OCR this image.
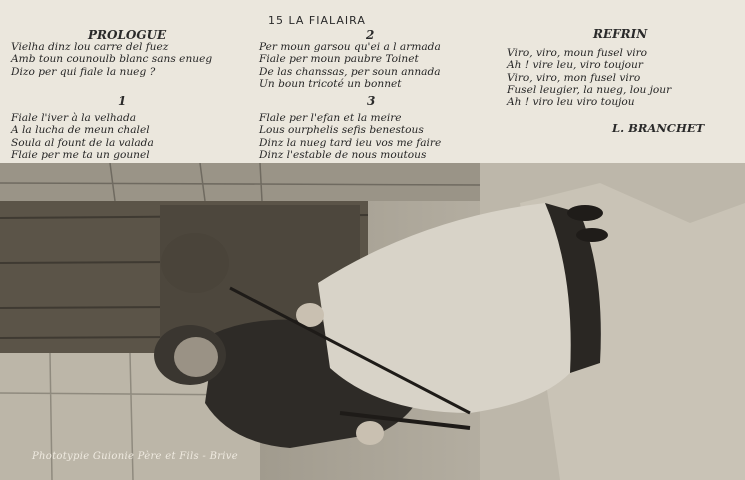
15 LA FIALAIRA
PROLOGUE
Vielha dinz lou carre del fuez
Amb toun counoulb blanc sans enueg
Dizo per qui fiale la nueg ?
1
Fiale l'iver à la velhada
A la lucha de meun chalel
Soula al fount de la valada
Flaie per me ta un gounel
2
Per moun garsou qu'ei a l armada
Fiale per moun paubre Toinet
De las chanssas, per soun annada
Un boun tricoté un bonnet
3
Flale per l'efan et la meire
Lous ourphelis sefis benestous
Dinz la nueg tard ieu vos me faire
Dinz l'estable de nous moutous
REFRIN
Viro, viro, moun fusel viro
Ah ! vire leu, viro toujour
Viro, viro, mon fusel viro
Fusel leugier, la nueg, lou jour
Ah ! viro leu viro toujou
L. BRANCHET
Phototypie Guionie Père et Fils - Brive
